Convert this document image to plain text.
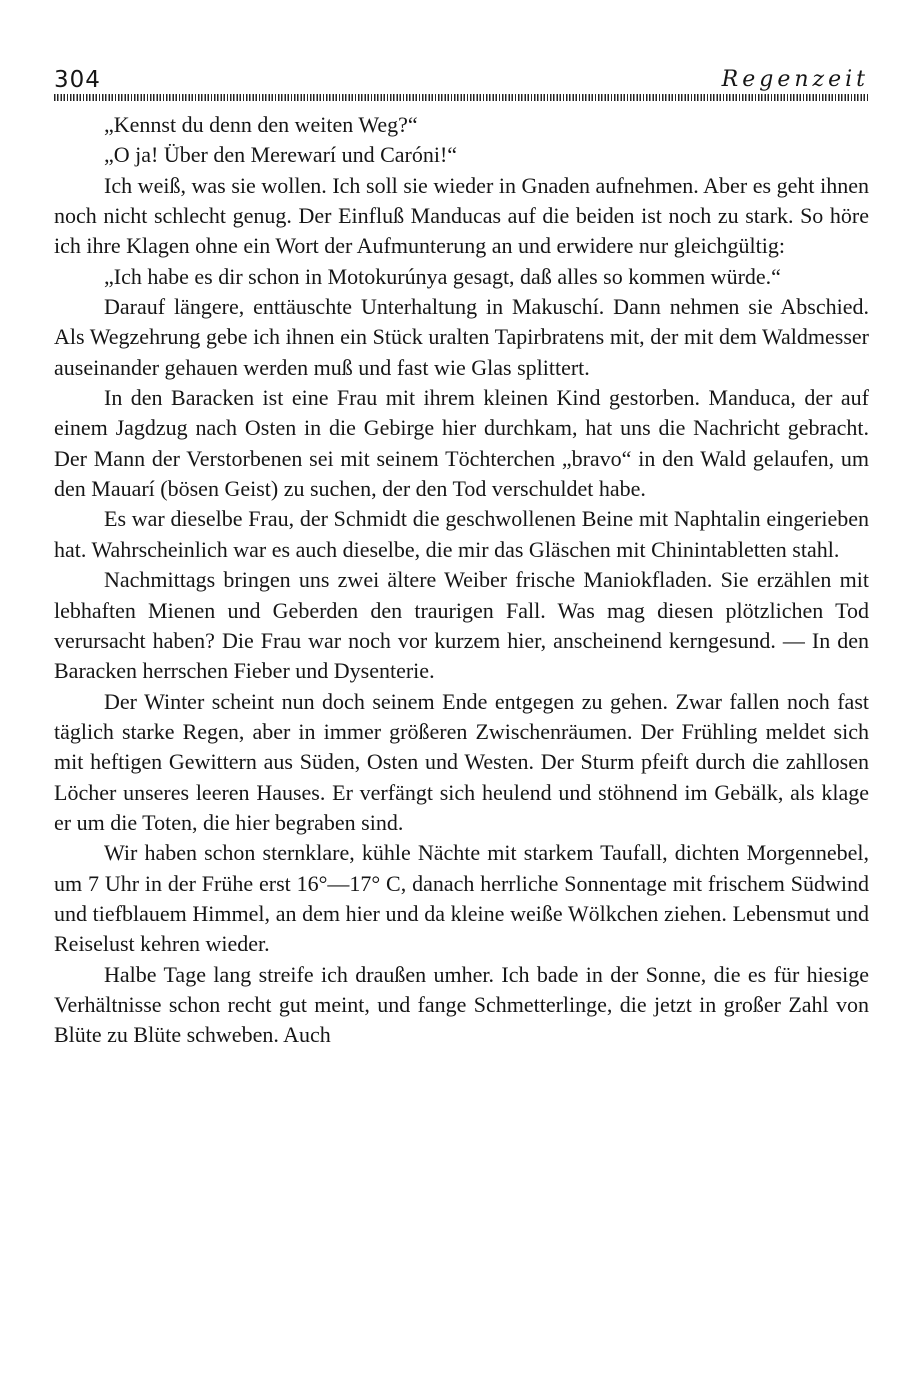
304	Regenzeit

„Kennst du denn den weiten Weg?“

„O ja! Über den Merewarí und Caróni!“

Ich weiß, was sie wollen. Ich soll sie wieder in Gnaden aufnehmen. Aber es geht ihnen noch nicht schlecht genug. Der Einfluß Manducas auf die beiden ist noch zu stark. So höre ich ihre Klagen ohne ein Wort der Aufmunterung an und erwidere nur gleichgültig:

„Ich habe es dir schon in Motokurúnya gesagt, daß alles so kommen würde.“

Darauf längere, enttäuschte Unterhaltung in Makuschí. Dann nehmen sie Abschied. Als Wegzehrung gebe ich ihnen ein Stück uralten Tapirbratens mit, der mit dem Waldmesser auseinander gehauen werden muß und fast wie Glas splittert.

In den Baracken ist eine Frau mit ihrem kleinen Kind gestorben. Manduca, der auf einem Jagdzug nach Osten in die Gebirge hier durchkam, hat uns die Nachricht gebracht. Der Mann der Verstorbenen sei mit seinem Töchterchen „bravo“ in den Wald gelaufen, um den Mauarí (bösen Geist) zu suchen, der den Tod verschuldet habe.

Es war dieselbe Frau, der Schmidt die geschwollenen Beine mit Naphtalin eingerieben hat. Wahrscheinlich war es auch dieselbe, die mir das Gläschen mit Chinintabletten stahl.

Nachmittags bringen uns zwei ältere Weiber frische Maniokfladen. Sie erzählen mit lebhaften Mienen und Geberden den traurigen Fall. Was mag diesen plötzlichen Tod verursacht haben? Die Frau war noch vor kurzem hier, anscheinend kerngesund. — In den Baracken herrschen Fieber und Dysenterie.

Der Winter scheint nun doch seinem Ende entgegen zu gehen. Zwar fallen noch fast täglich starke Regen, aber in immer größeren Zwischenräumen. Der Frühling meldet sich mit heftigen Gewittern aus Süden, Osten und Westen. Der Sturm pfeift durch die zahllosen Löcher unseres leeren Hauses. Er verfängt sich heulend und stöhnend im Gebälk, als klage er um die Toten, die hier begraben sind.

Wir haben schon sternklare, kühle Nächte mit starkem Taufall, dichten Morgennebel, um 7 Uhr in der Frühe erst 16°—17° C, danach herrliche Sonnentage mit frischem Südwind und tiefblauem Himmel, an dem hier und da kleine weiße Wölkchen ziehen. Lebensmut und Reiselust kehren wieder.

Halbe Tage lang streife ich draußen umher. Ich bade in der Sonne, die es für hiesige Verhältnisse schon recht gut meint, und fange Schmetterlinge, die jetzt in großer Zahl von Blüte zu Blüte schweben. Auch
